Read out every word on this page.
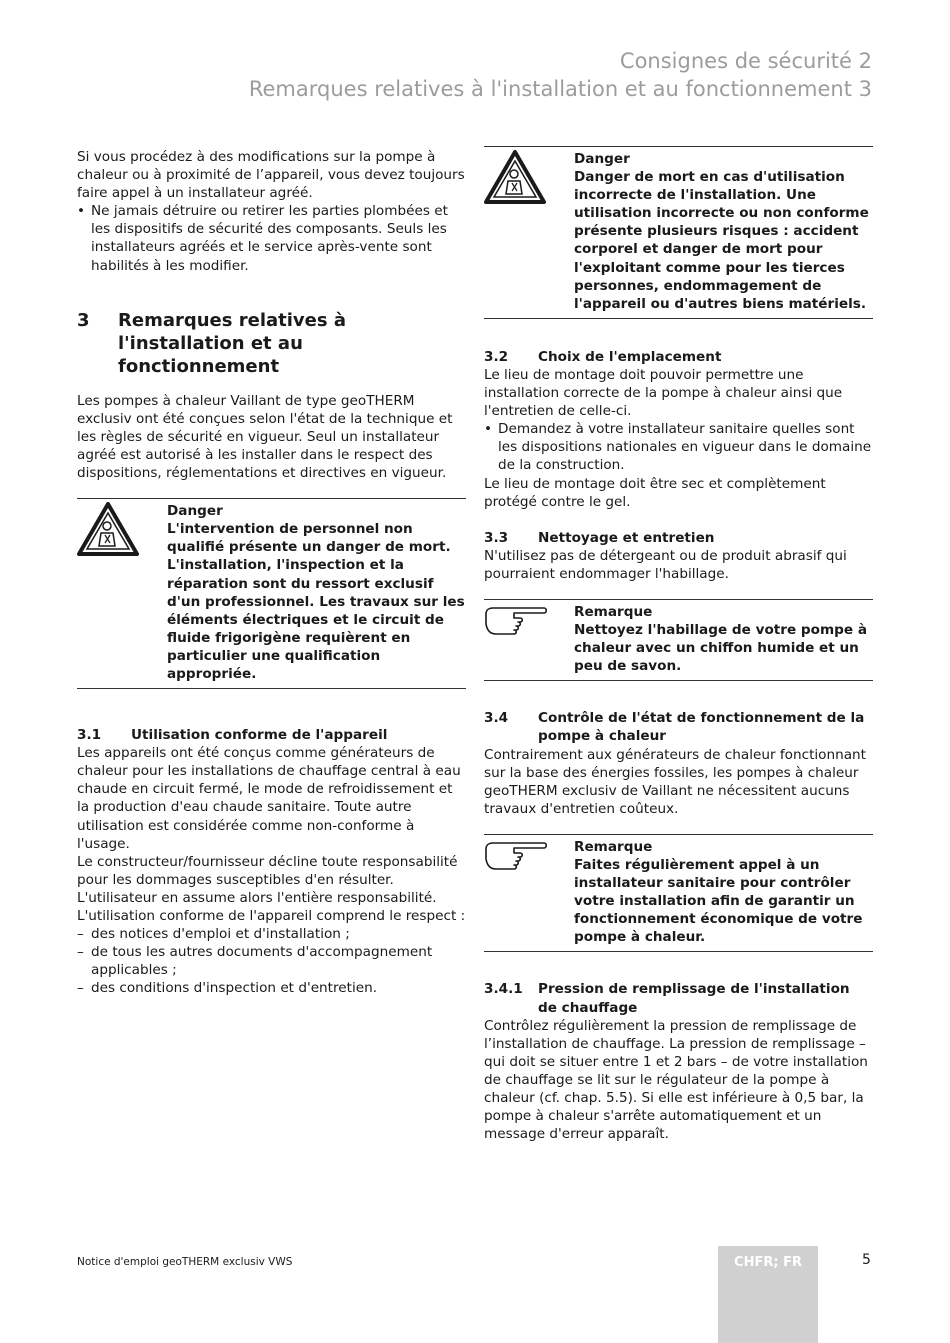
Consignes de sécurité 2
Remarques relatives à l'installation et au fonctionnement 3

Si vous procédez à des modifications sur la pompe à chaleur ou à proximité de l’appareil, vous devez toujours faire appel à un installateur agréé.

• Ne jamais détruire ou retirer les parties plombées et les dispositifs de sécurité des composants. Seuls les installateurs agréés et le service après-vente sont habilités à les modifier.
3 Remarques relatives à l'installation et au fonctionnement

Les pompes à chaleur Vaillant de type geoTHERM exclusiv ont été conçues selon l'état de la technique et les règles de sécurité en vigueur. Seul un installateur agréé est autorisé à les installer dans le respect des dispositions, réglementations et directives en vigueur.

Danger
L'intervention de personnel non qualifié présente un danger de mort. L'installation, l'inspection et la réparation sont du ressort exclusif d'un professionnel. Les travaux sur les éléments électriques et le circuit de fluide frigorigène requièrent en particulier une qualification appropriée.
3.1 Utilisation conforme de l'appareil

Les appareils ont été conçus comme générateurs de chaleur pour les installations de chauffage central à eau chaude en circuit fermé, le mode de refroidissement et la production d'eau chaude sanitaire. Toute autre utilisation est considérée comme non-conforme à l'usage.

Le constructeur/fournisseur décline toute responsabilité pour les dommages susceptibles d'en résulter. L'utilisateur en assume alors l'entière responsabilité.

L'utilisation conforme de l'appareil comprend le respect :

– des notices d'emploi et d'installation ;
– de tous les autres documents d'accompagnement applicables ;
– des conditions d'inspection et d'entretien.
Danger
Danger de mort en cas d'utilisation incorrecte de l'installation. Une utilisation incorrecte ou non conforme présente plusieurs risques : accident corporel et danger de mort pour l'exploitant comme pour les tierces personnes, endommagement de l'appareil ou d'autres biens matériels.
3.2 Choix de l'emplacement

Le lieu de montage doit pouvoir permettre une installation correcte de la pompe à chaleur ainsi que l'entretien de celle-ci.

• Demandez à votre installateur sanitaire quelles sont les dispositions nationales en vigueur dans le domaine de la construction.

Le lieu de montage doit être sec et complètement protégé contre le gel.

3.3 Nettoyage et entretien

N'utilisez pas de détergeant ou de produit abrasif qui pourraient endommager l'habillage.

Remarque
Nettoyez l'habillage de votre pompe à chaleur avec un chiffon humide et un peu de savon.
3.4 Contrôle de l'état de fonctionnement de la pompe à chaleur

Contrairement aux générateurs de chaleur fonctionnant sur la base des énergies fossiles, les pompes à chaleur geoTHERM exclusiv de Vaillant ne nécessitent aucuns travaux d'entretien coûteux.

Remarque
Faites régulièrement appel à un installateur sanitaire pour contrôler votre installation afin de garantir un fonctionnement économique de votre pompe à chaleur.
3.4.1 Pression de remplissage de l'installation de chauffage

Contrôlez régulièrement la pression de remplissage de l’installation de chauffage. La pression de remplissage – qui doit se situer entre 1 et 2 bars – de votre installation de chauffage se lit sur le régulateur de la pompe à chaleur (cf. chap. 5.5). Si elle est inférieure à 0,5 bar, la pompe à chaleur s'arrête automatiquement et un message d'erreur apparaît.

Notice d'emploi geoTHERM exclusiv VWS	CHFR; FR	5
